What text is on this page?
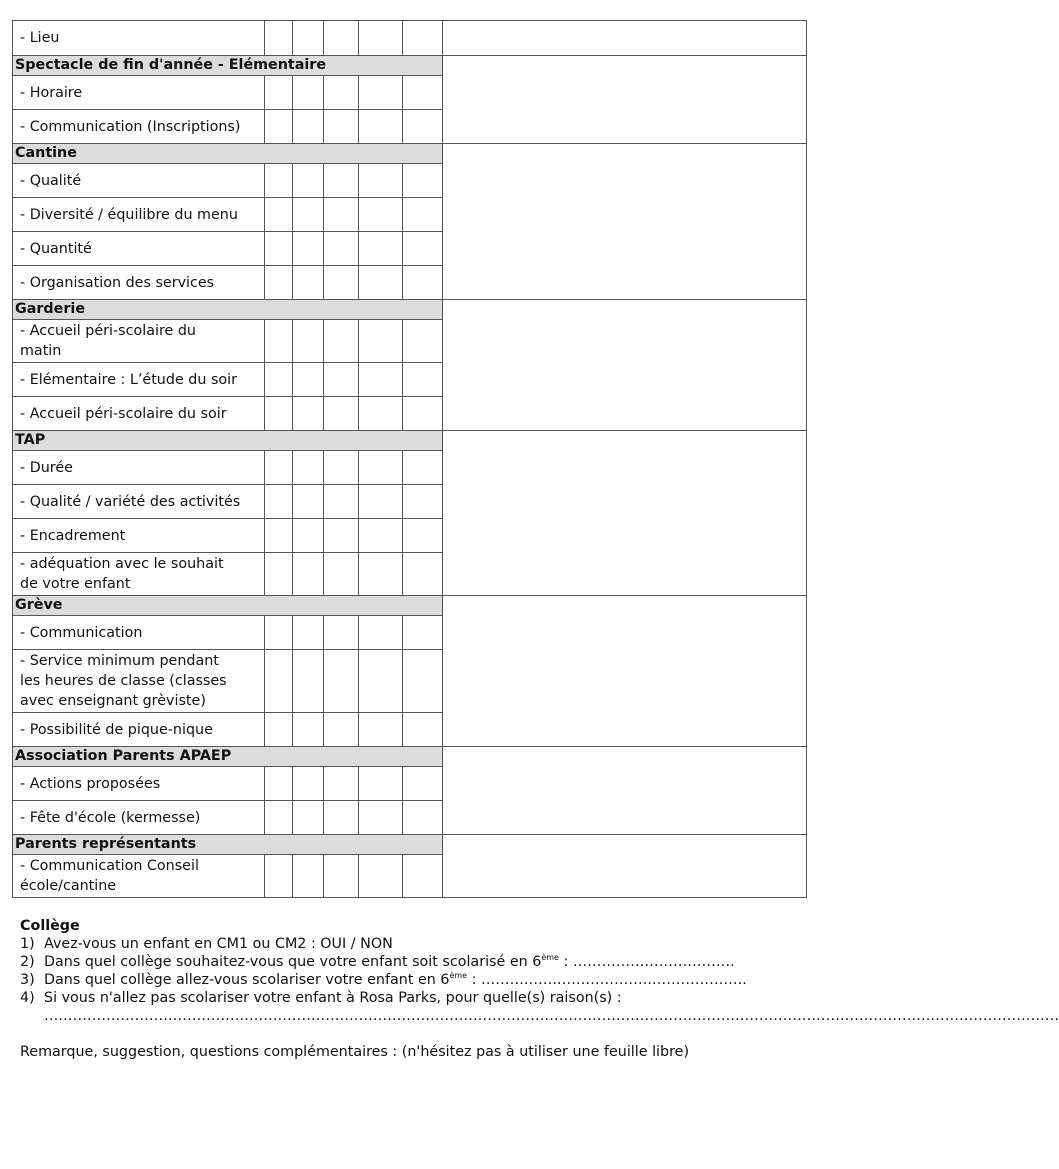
- Lieu						
Spectacle de fin d'année - Elémentaire						

- Horaire						

- Communication (Inscriptions)						

Cantine						

- Qualité						

- Diversité / équilibre du menu						

- Quantité						

- Organisation des services						

Garderie						

- Accueil péri-scolaire du
matin						

- Elémentaire : L’étude du soir						

- Accueil péri-scolaire du soir						

TAP						

- Durée						

- Qualité / variété des activités						

- Encadrement						

- adéquation avec le souhait
de votre enfant						

Grève						

- Communication						

- Service minimum pendant
les heures de classe (classes
avec enseignant grèviste)						

- Possibilité de pique-nique						

Association Parents APAEP						

- Actions proposées						

- Fête d'école (kermesse)						

Parents représentants						

- Communication Conseil
école/cantine						

Collège
1) Avez-vous un enfant en CM1 ou CM2 : OUI / NON
2) Dans quel collège souhaitez-vous que votre enfant soit scolarisé en 6ème : …………………………….
3) Dans quel collège allez-vous scolariser votre enfant en 6ème : ……….…….……………….………………..
4) Si vous n'allez pas scolariser votre enfant à Rosa Parks, pour quelle(s) raison(s) :
……………………………………………………………………………………………………………………………………………………………………………………………
Remarque, suggestion, questions complémentaires : (n'hésitez pas à utiliser une feuille libre)
